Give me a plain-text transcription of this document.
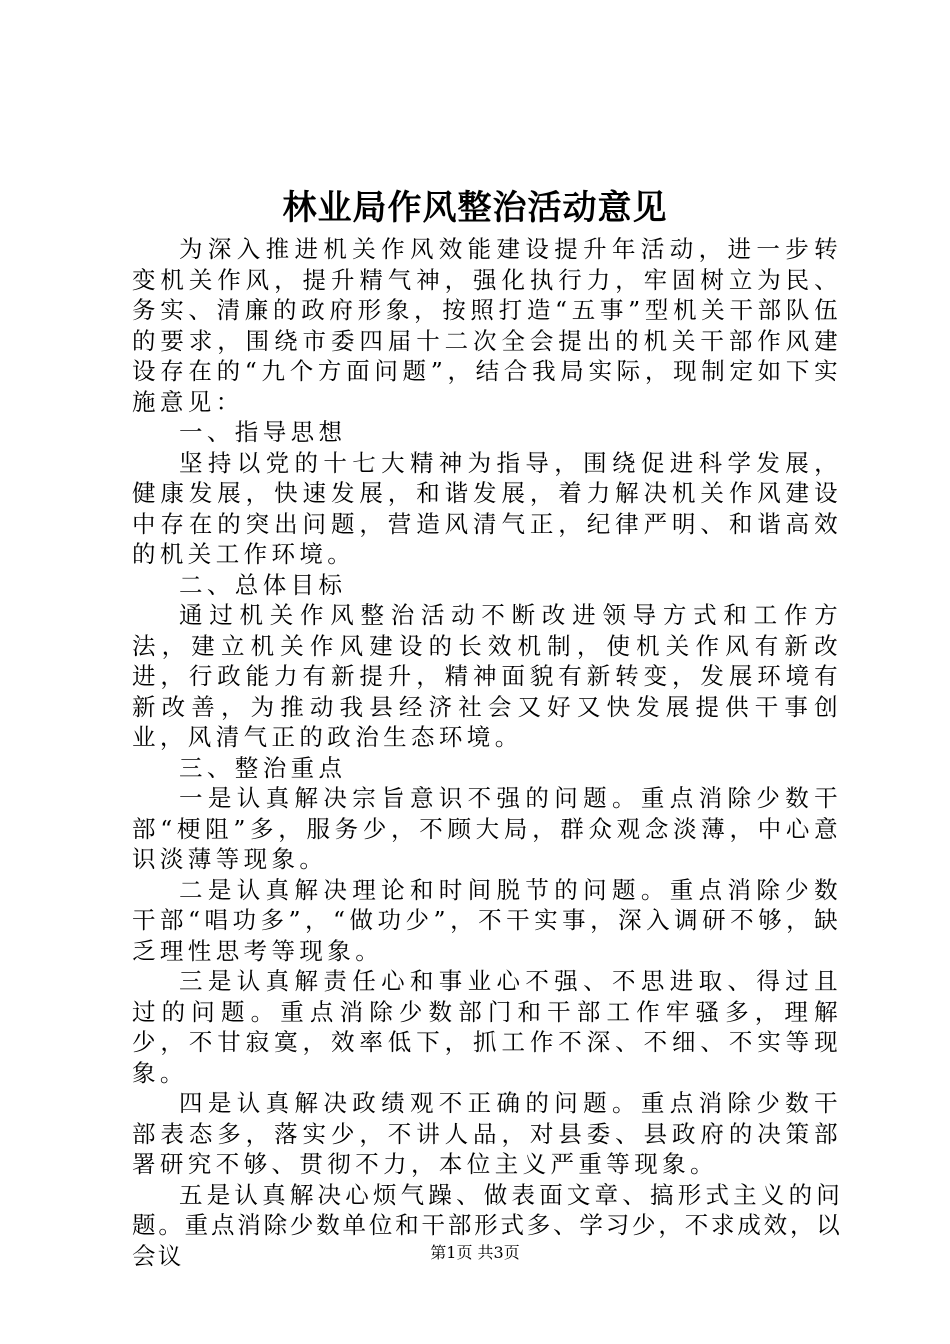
林业局作风整治活动意见

为深入推进机关作风效能建设提升年活动，进一步转变机关作风，提升精气神，强化执行力，牢固树立为民、务实、清廉的政府形象，按照打造“五事”型机关干部队伍的要求，围绕市委四届十二次全会提出的机关干部作风建设存在的“九个方面问题”，结合我局实际，现制定如下实施意见：

一、指导思想

坚持以党的十七大精神为指导，围绕促进科学发展，健康发展，快速发展，和谐发展，着力解决机关作风建设中存在的突出问题，营造风清气正，纪律严明、和谐高效的机关工作环境。

二、总体目标

通过机关作风整治活动不断改进领导方式和工作方法，建立机关作风建设的长效机制，使机关作风有新改进，行政能力有新提升，精神面貌有新转变，发展环境有新改善，为推动我县经济社会又好又快发展提供干事创业，风清气正的政治生态环境。

三、整治重点

一是认真解决宗旨意识不强的问题。重点消除少数干部“梗阻”多，服务少，不顾大局，群众观念淡薄，中心意识淡薄等现象。

二是认真解决理论和时间脱节的问题。重点消除少数干部“唱功多”，“做功少”，不干实事，深入调研不够，缺乏理性思考等现象。

三是认真解责任心和事业心不强、不思进取、得过且过的问题。重点消除少数部门和干部工作牢骚多，理解少，不甘寂寞，效率低下，抓工作不深、不细、不实等现象。

四是认真解决政绩观不正确的问题。重点消除少数干部表态多，落实少，不讲人品，对县委、县政府的决策部署研究不够、贯彻不力，本位主义严重等现象。

五是认真解决心烦气躁、做表面文章、搞形式主义的问题。重点消除少数单位和干部形式多、学习少，不求成效，以会议	第1页 共3页
